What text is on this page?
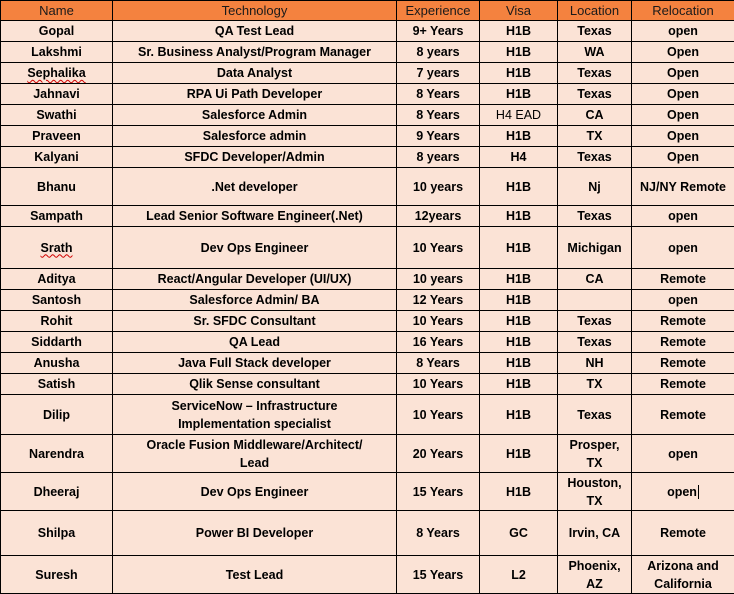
Name	Technology	Experience	Visa	Location	Relocation
Gopal	QA Test Lead	9+ Years	H1B	Texas	open
Lakshmi	Sr. Business Analyst/Program Manager	8 years	H1B	WA	Open
Sephalika	Data Analyst	7 years	H1B	Texas	Open
Jahnavi	RPA Ui Path Developer	8 Years	H1B	Texas	Open
Swathi	Salesforce Admin	8 Years	H4 EAD	CA	Open
Praveen	Salesforce admin	9 Years	H1B	TX	Open
Kalyani	SFDC Developer/Admin	8 years	H4	Texas	Open
Bhanu	.Net developer	10 years	H1B	Nj	NJ/NY Remote
Sampath	Lead Senior Software Engineer(.Net)	12years	H1B	Texas	open
Srath	Dev Ops Engineer	10 Years	H1B	Michigan	open
Aditya	React/Angular Developer (UI/UX)	10 years	H1B	CA	Remote
Santosh	Salesforce Admin/ BA	12 Years	H1B		open
Rohit	Sr. SFDC Consultant	10 Years	H1B	Texas	Remote
Siddarth	QA Lead	16 Years	H1B	Texas	Remote
Anusha	Java Full Stack developer	8 Years	H1B	NH	Remote
Satish	Qlik Sense consultant	10 Years	H1B	TX	Remote
Dilip	ServiceNow – Infrastructure Implementation specialist	10 Years	H1B	Texas	Remote
Narendra	Oracle Fusion Middleware/Architect/ Lead	20 Years	H1B	Prosper, TX	open
Dheeraj	Dev Ops Engineer	15 Years	H1B	Houston, TX	open
Shilpa	Power BI Developer	8 Years	GC	Irvin, CA	Remote
Suresh	Test Lead	15 Years	L2	Phoenix, AZ	Arizona and California
